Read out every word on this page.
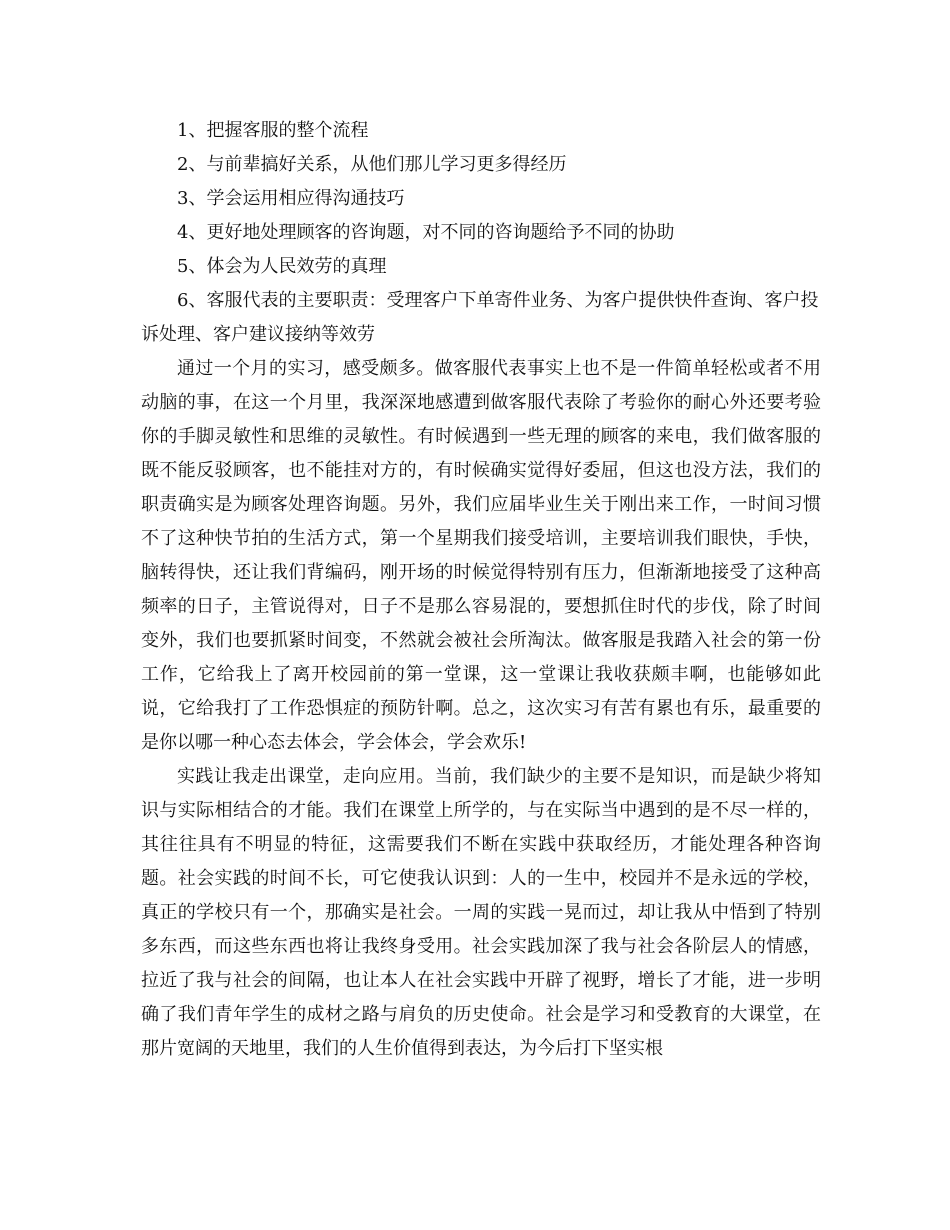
1、把握客服的整个流程

2、与前辈搞好关系，从他们那儿学习更多得经历

3、学会运用相应得沟通技巧

4、更好地处理顾客的咨询题，对不同的咨询题给予不同的协助

5、体会为人民效劳的真理

6、客服代表的主要职责：受理客户下单寄件业务、为客户提供快件查询、客户投诉处理、客户建议接纳等效劳

通过一个月的实习，感受颇多。做客服代表事实上也不是一件简单轻松或者不用动脑的事，在这一个月里，我深深地感遭到做客服代表除了考验你的耐心外还要考验你的手脚灵敏性和思维的灵敏性。有时候遇到一些无理的顾客的来电，我们做客服的既不能反驳顾客，也不能挂对方的，有时候确实觉得好委屈，但这也没方法，我们的职责确实是为顾客处理咨询题。另外，我们应届毕业生关于刚出来工作，一时间习惯不了这种快节拍的生活方式，第一个星期我们接受培训，主要培训我们眼快，手快，脑转得快，还让我们背编码，刚开场的时候觉得特别有压力，但渐渐地接受了这种高频率的日子，主管说得对，日子不是那么容易混的，要想抓住时代的步伐，除了时间变外，我们也要抓紧时间变，不然就会被社会所淘汰。做客服是我踏入社会的第一份工作，它给我上了离开校园前的第一堂课，这一堂课让我收获颇丰啊，也能够如此说，它给我打了工作恐惧症的预防针啊。总之，这次实习有苦有累也有乐，最重要的是你以哪一种心态去体会，学会体会，学会欢乐!

实践让我走出课堂，走向应用。当前，我们缺少的主要不是知识，而是缺少将知识与实际相结合的才能。我们在课堂上所学的，与在实际当中遇到的是不尽一样的，其往往具有不明显的特征，这需要我们不断在实践中获取经历，才能处理各种咨询题。社会实践的时间不长，可它使我认识到：人的一生中，校园并不是永远的学校，真正的学校只有一个，那确实是社会。一周的实践一晃而过，却让我从中悟到了特别多东西，而这些东西也将让我终身受用。社会实践加深了我与社会各阶层人的情感，拉近了我与社会的间隔，也让本人在社会实践中开辟了视野，增长了才能，进一步明确了我们青年学生的成材之路与肩负的历史使命。社会是学习和受教育的大课堂，在那片宽阔的天地里，我们的人生价值得到表达，为今后打下坚实根
